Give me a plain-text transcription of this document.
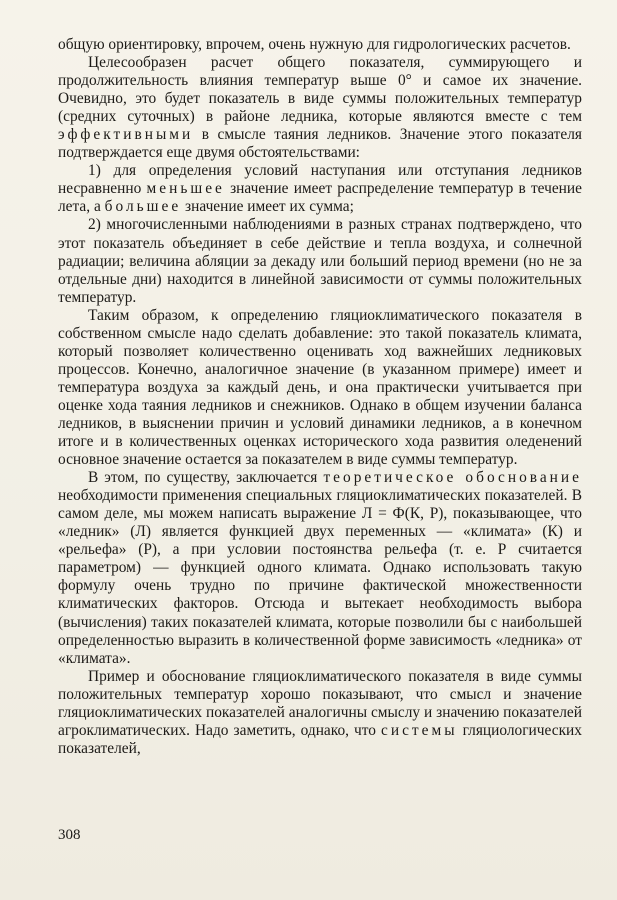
общую ориентировку, впрочем, очень нужную для гидрологических расчетов.

Целесообразен расчет общего показателя, суммирующего и продолжительность влияния температур выше 0° и самое их значение. Очевидно, это будет показатель в виде суммы положительных температур (средних суточных) в районе ледника, которые являются вместе с тем эффективными в смысле таяния ледников. Значение этого показателя подтверждается еще двумя обстоятельствами:

1) для определения условий наступания или отступания ледников несравненно меньшее значение имеет распределение температур в течение лета, а большее значение имеет их сумма;

2) многочисленными наблюдениями в разных странах подтверждено, что этот показатель объединяет в себе действие и тепла воздуха, и солнечной радиации; величина абляции за декаду или больший период времени (но не за отдельные дни) находится в линейной зависимости от суммы положительных температур.

Таким образом, к определению гляциоклиматического показателя в собственном смысле надо сделать добавление: это такой показатель климата, который позволяет количественно оценивать ход важнейших ледниковых процессов. Конечно, аналогичное значение (в указанном примере) имеет и температура воздуха за каждый день, и она практически учитывается при оценке хода таяния ледников и снежников. Однако в общем изучении баланса ледников, в выяснении причин и условий динамики ледников, а в конечном итоге и в количественных оценках исторического хода развития оледенений основное значение остается за показателем в виде суммы температур.

В этом, по существу, заключается теоретическое обоснование необходимости применения специальных гляциоклиматических показателей. В самом деле, мы можем написать выражение Л = Ф(К, Р), показывающее, что «ледник» (Л) является функцией двух переменных — «климата» (К) и «рельефа» (Р), а при условии постоянства рельефа (т. е. Р считается параметром) — функцией одного климата. Однако использовать такую формулу очень трудно по причине фактической множественности климатических факторов. Отсюда и вытекает необходимость выбора (вычисления) таких показателей климата, которые позволили бы с наибольшей определенностью выразить в количественной форме зависимость «ледника» от «климата».

Пример и обоснование гляциоклиматического показателя в виде суммы положительных температур хорошо показывают, что смысл и значение гляциоклиматических показателей аналогичны смыслу и значению показателей агроклиматических. Надо заметить, однако, что системы гляциологических показателей,

308
